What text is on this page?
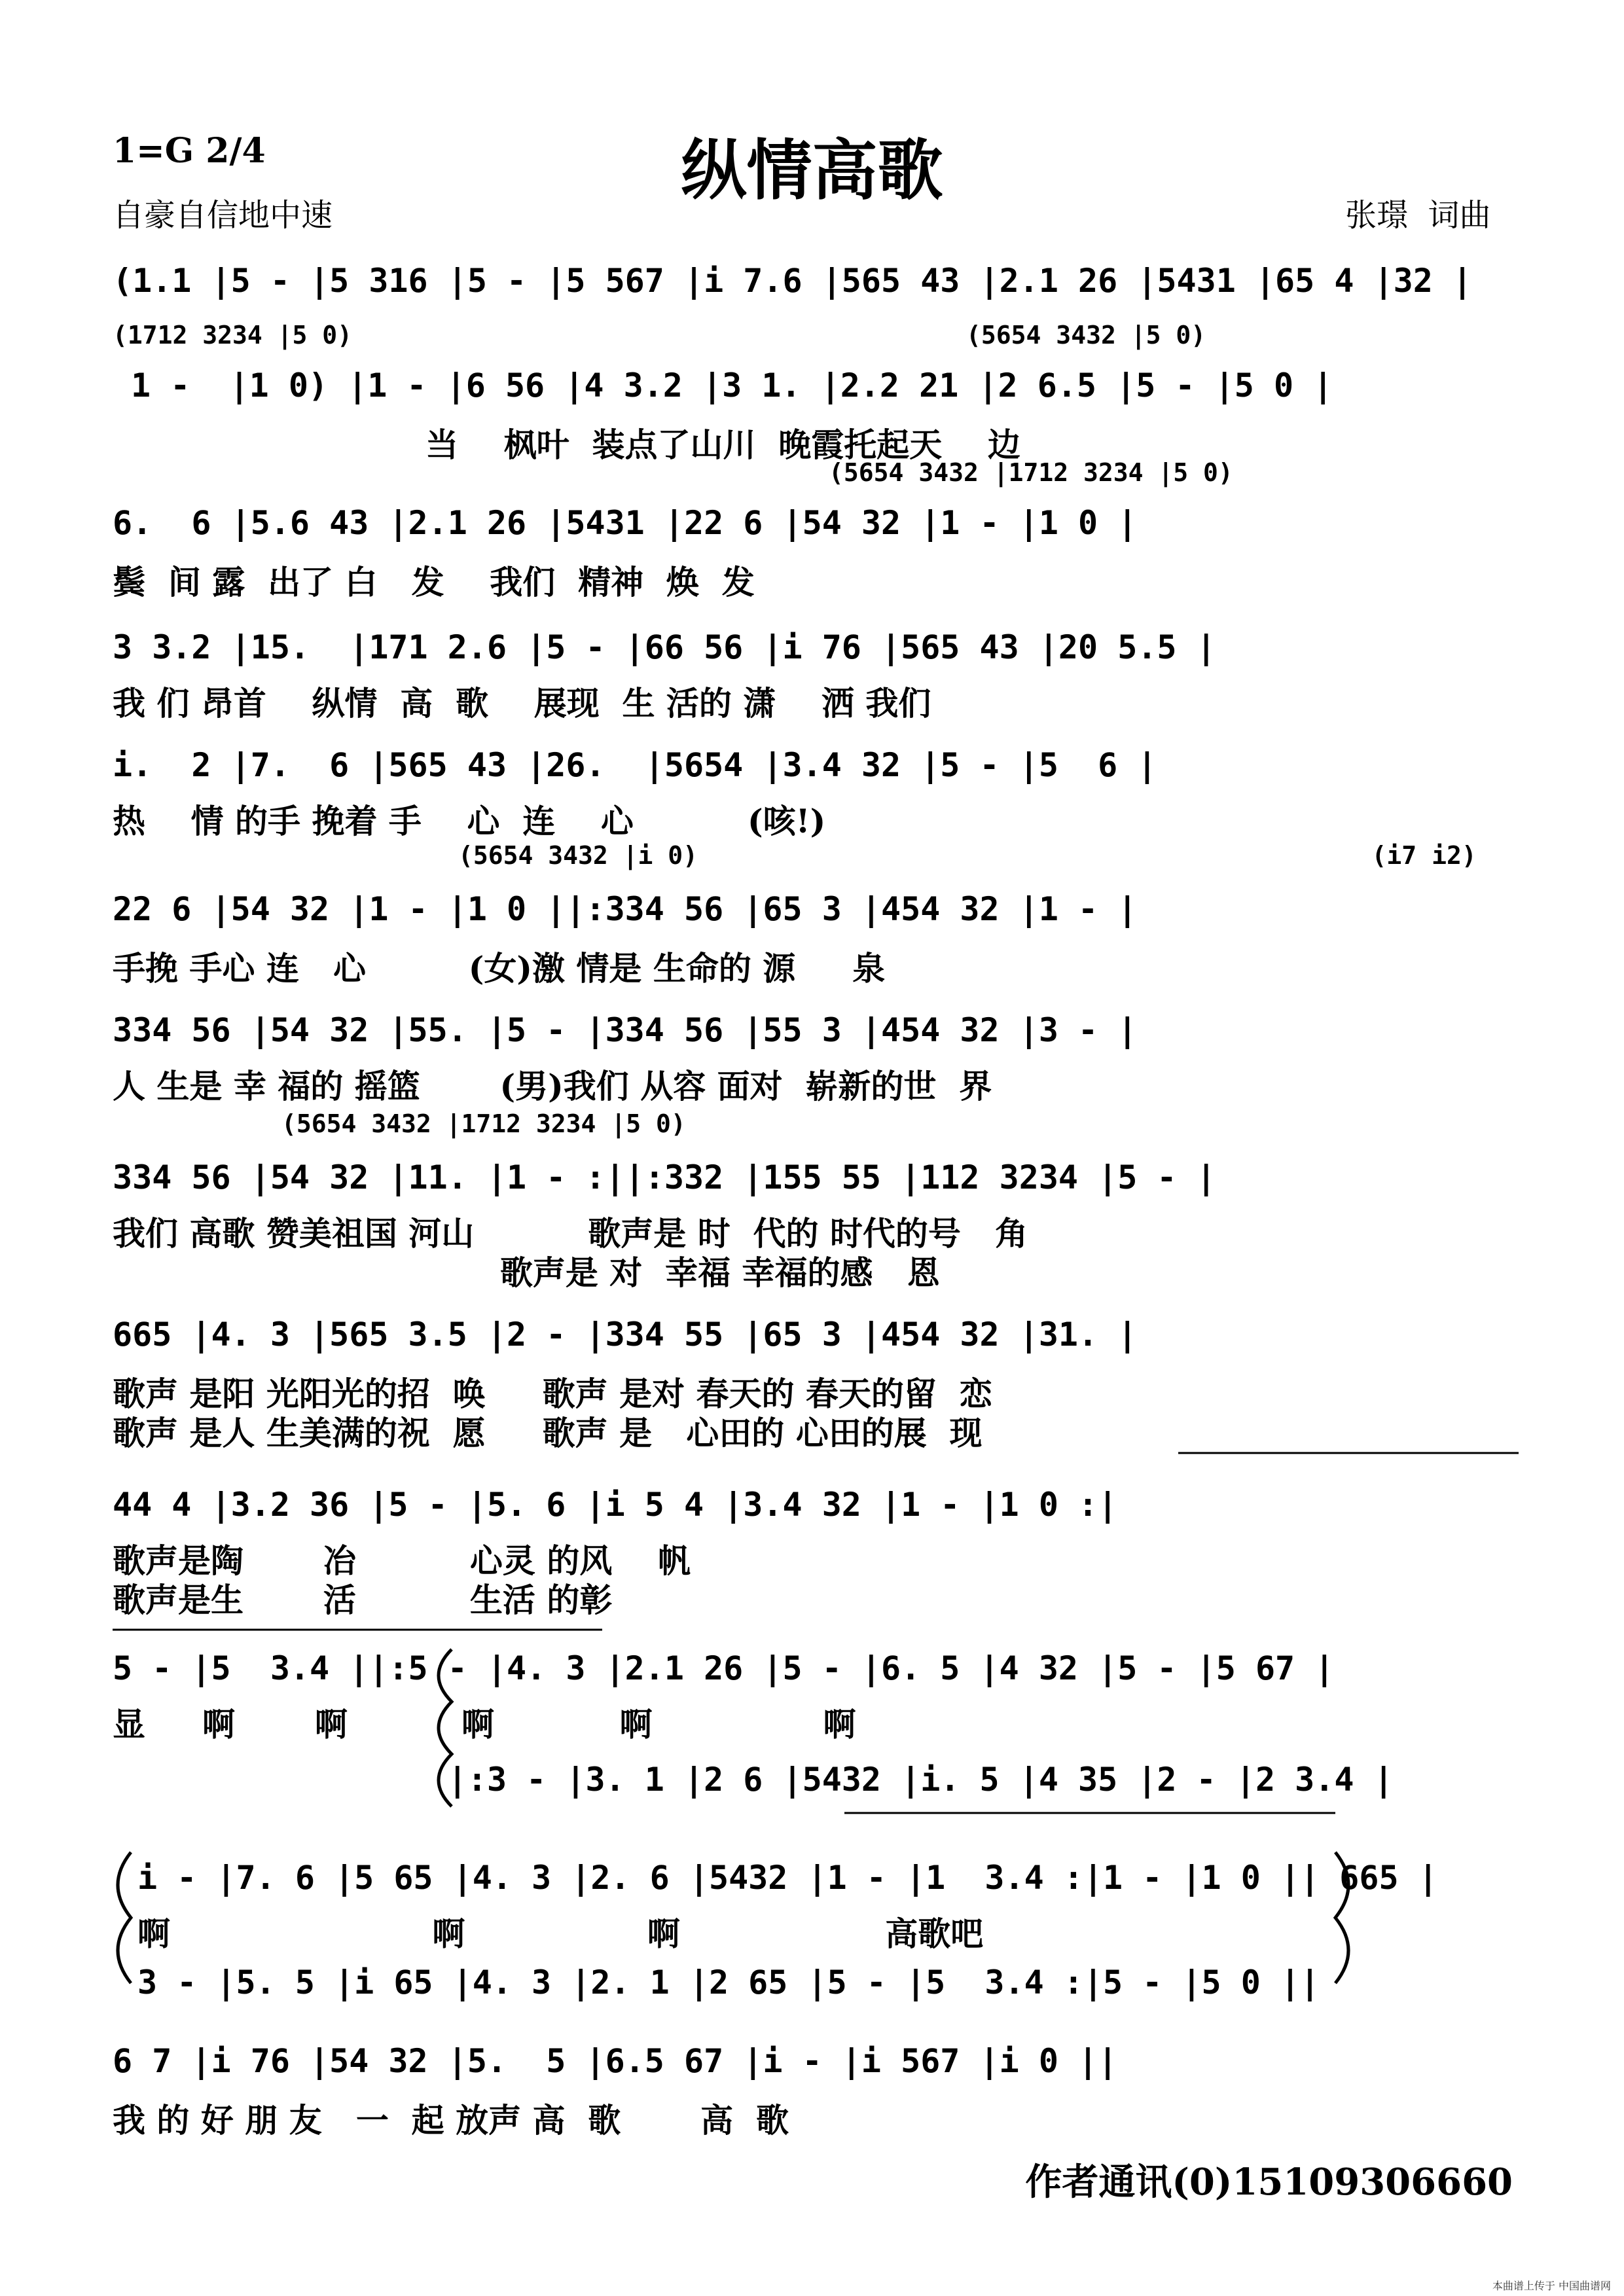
1=G 2/4	纵情高歌
自豪自信地中速	张璟  词曲
(1.1 |5 - |5 316 |5 - |5 567 |i 7.6 |565 43 |2.1 26 |5431 |65 4 |32 |
(1712 3234 |5 0)                                         (5654 3432 |5 0)
1 -  |1 0) |1 - |6 56 |4 3.2 |3 1. |2.2 21 |2 6.5 |5 - |5 0 |
当    枫叶  装点了山川  晚霞托起天    边
(5654 3432 |1712 3234 |5 0)
6.  6 |5.6 43 |2.1 26 |5431 |22 6 |54 32 |1 - |1 0 |
鬓  间 露  出了 白   发    我们  精神  焕  发
3 3.2 |15.  |171 2.6 |5 - |66 56 |i 76 |565 43 |20 5.5 |
我 们 昂首    纵情  高  歌    展现  生 活的 潇    洒 我们
i.  2 |7.  6 |565 43 |26.  |5654 |3.4 32 |5 - |5  6 |
热    情 的手 挽着 手    心  连    心          (咳!)
(5654 3432 |i 0)                                             (i7 i2)
22 6 |54 32 |1 - |1 0 ||:334 56 |65 3 |454 32 |1 - |
手挽 手心 连   心         (女)激 情是 生命的 源     泉
334 56 |54 32 |55. |5 - |334 56 |55 3 |454 32 |3 - |
人 生是 幸 福的 摇篮       (男)我们 从容 面对  崭新的世  界
(5654 3432 |1712 3234 |5 0)
334 56 |54 32 |11. |1 - :||:332 |155 55 |112 3234 |5 - |
我们 高歌 赞美祖国 河山          歌声是 时  代的 时代的号   角
歌声是 对  幸福 幸福的感   恩
665 |4. 3 |565 3.5 |2 - |334 55 |65 3 |454 32 |31. |
歌声 是阳 光阳光的招  唤     歌声 是对 春天的 春天的留  恋
歌声 是人 生美满的祝  愿     歌声 是   心田的 心田的展  现
44 4 |3.2 36 |5 - |5. 6 |i 5 4 |3.4 32 |1 - |1 0 :|
歌声是陶       冶          心灵 的风    帆
歌声是生       活          生活 的彰
5 - |5  3.4 ||:5 - |4. 3 |2.1 26 |5 - |6. 5 |4 32 |5 - |5 67 |
显     啊       啊          啊           啊               啊
|:3 - |3. 1 |2 6 |5432 |i. 5 |4 35 |2 - |2 3.4 |
i - |7. 6 |5 65 |4. 3 |2. 6 |5432 |1 - |1  3.4 :|1 - |1 0 || 665 |
啊                       啊                啊                  高歌吧
3 - |5. 5 |i 65 |4. 3 |2. 1 |2 65 |5 - |5  3.4 :|5 - |5 0 ||
6 7 |i 76 |54 32 |5.  5 |6.5 67 |i - |i 567 |i 0 ||
我 的 好 朋 友   一  起 放声 高  歌       高  歌
作者通讯(0)15109306660
本曲谱上传于 中国曲谱网
